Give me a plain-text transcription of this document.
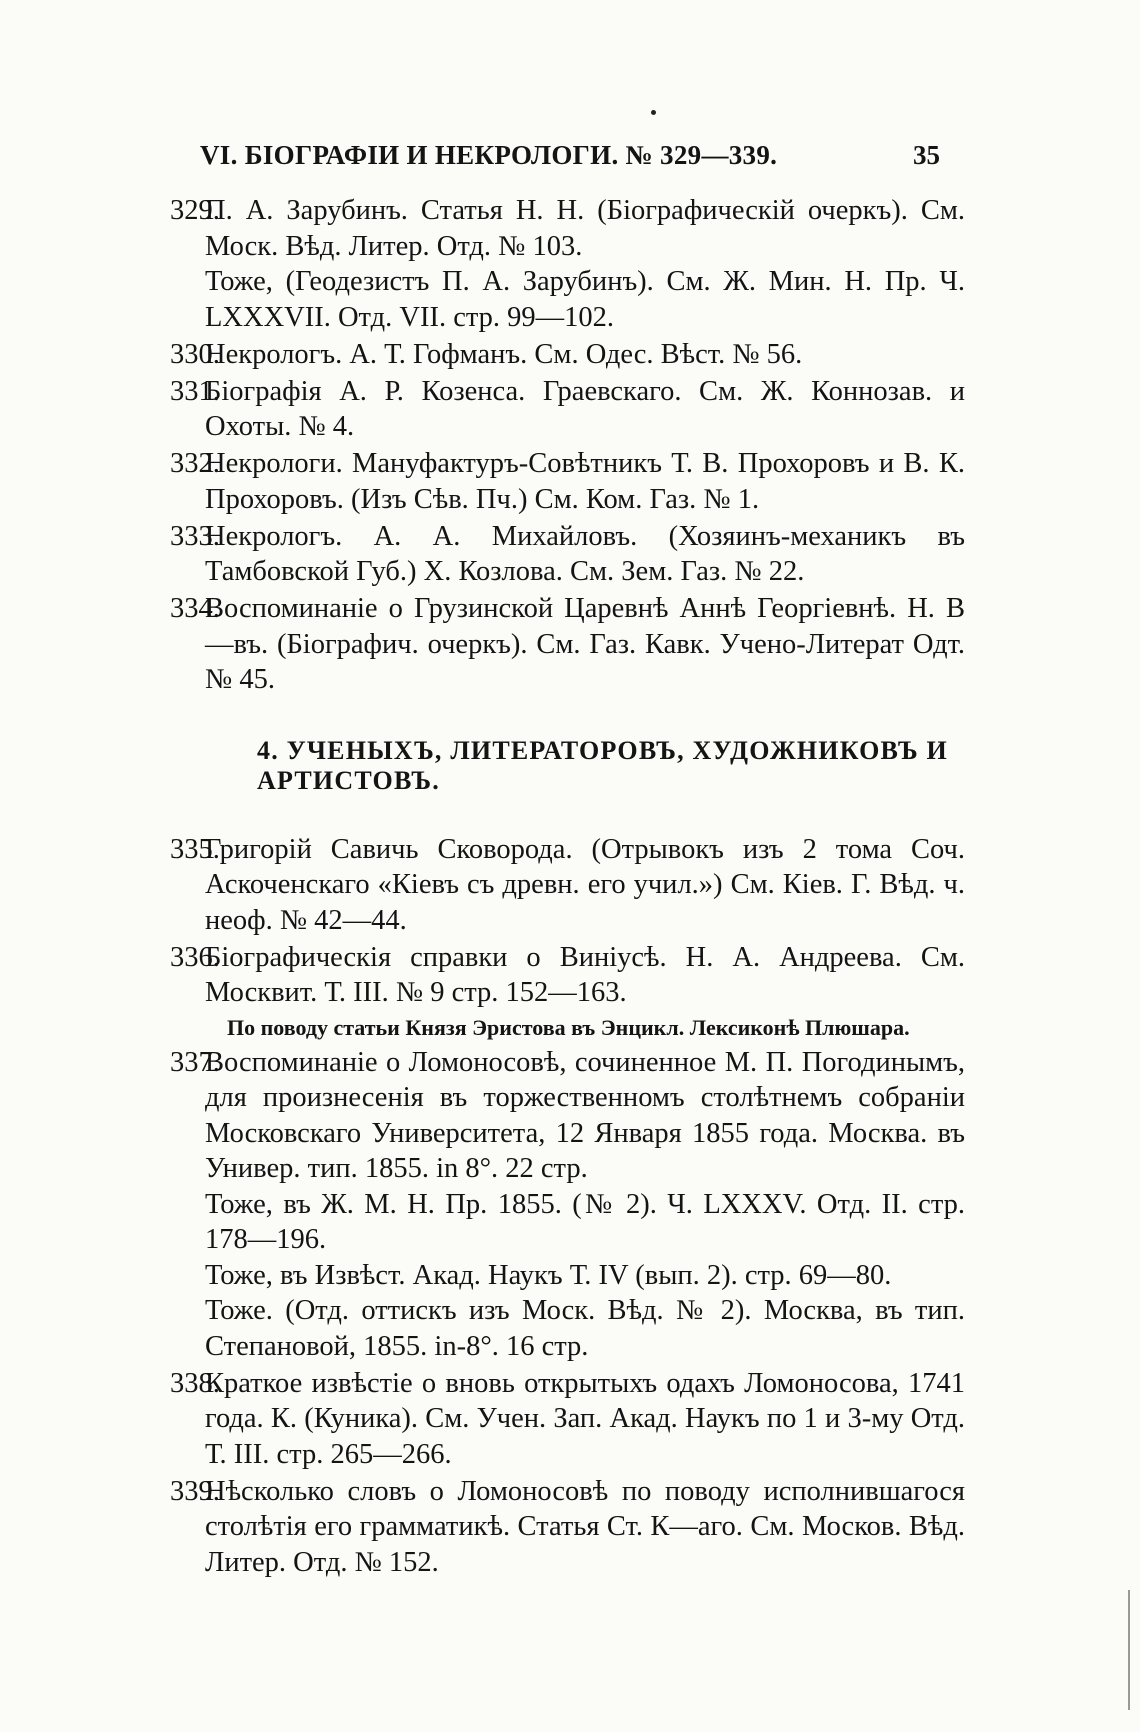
VI. БІОГРАФІИ И НЕКРОЛОГИ. № 329—339.	35
329.

П. А. Зарубинъ. Статья Н. Н. (Біографическій очеркъ). См. Моск. Вѣд. Литер. Отд. № 103.

Тоже, (Геодезистъ П. А. Зарубинъ). См. Ж. Мин. Н. Пр. Ч. LXXXVII. Отд. VII. стр. 99—102.

330.

Некрологъ. А. Т. Гофманъ. См. Одес. Вѣст. № 56.

331.

Біографія А. Р. Козенса. Граевскаго. См. Ж. Коннозав. и Охоты. № 4.

332.

Некрологи. Мануфактуръ-Совѣтникъ Т. В. Прохоровъ и В. К. Прохоровъ. (Изъ Сѣв. Пч.) См. Ком. Газ. № 1.

333.

Некрологъ. А. А. Михайловъ. (Хозяинъ-механикъ въ Тамбовской Губ.) Х. Козлова. См. Зем. Газ. № 22.

334.

Воспоминаніе о Грузинской Царевнѣ Аннѣ Георгіевнѣ. Н. В—въ. (Біографич. очеркъ). См. Газ. Кавк. Учено-Литерат Одт. № 45.

4. УЧЕНЫХЪ, ЛИТЕРАТОРОВЪ, ХУДОЖНИКОВЪ И АРТИСТОВЪ.
335.

Григорій Савичь Сковорода. (Отрывокъ изъ 2 тома Соч. Аскоченскаго «Кіевъ съ древн. его учил.») См. Кіев. Г. Вѣд. ч. неоф. № 42—44.

336.

Біографическія справки о Виніусѣ. Н. А. Андреева. См. Москвит. Т. III. № 9 стр. 152—163.

По поводу статьи Князя Эристова въ Энцикл. Лексиконѣ Плюшара.
337.

Воспоминаніе о Ломоносовѣ, сочиненное М. П. Погодинымъ, для произнесенія въ торжественномъ столѣтнемъ собраніи Московскаго Университета, 12 Января 1855 года. Москва. въ Универ. тип. 1855. in 8°. 22 стр.

Тоже, въ Ж. М. Н. Пр. 1855. (№ 2). Ч. LXXXV. Отд. II. стр. 178—196.

Тоже, въ Извѣст. Акад. Наукъ Т. IV (вып. 2). стр. 69—80.

Тоже. (Отд. оттискъ изъ Моск. Вѣд. № 2). Москва, въ тип. Степановой, 1855. in-8°. 16 стр.

338.

Краткое извѣстіе о вновь открытыхъ одахъ Ломоносова, 1741 года. К. (Куника). См. Учен. Зап. Акад. Наукъ по 1 и 3-му Отд. Т. III. стр. 265—266.

339.

Нѣсколько словъ о Ломоносовѣ по поводу исполнившагося столѣтія его грамматикѣ. Статья Ст. К—аго. См. Москов. Вѣд. Литер. Отд. № 152.
